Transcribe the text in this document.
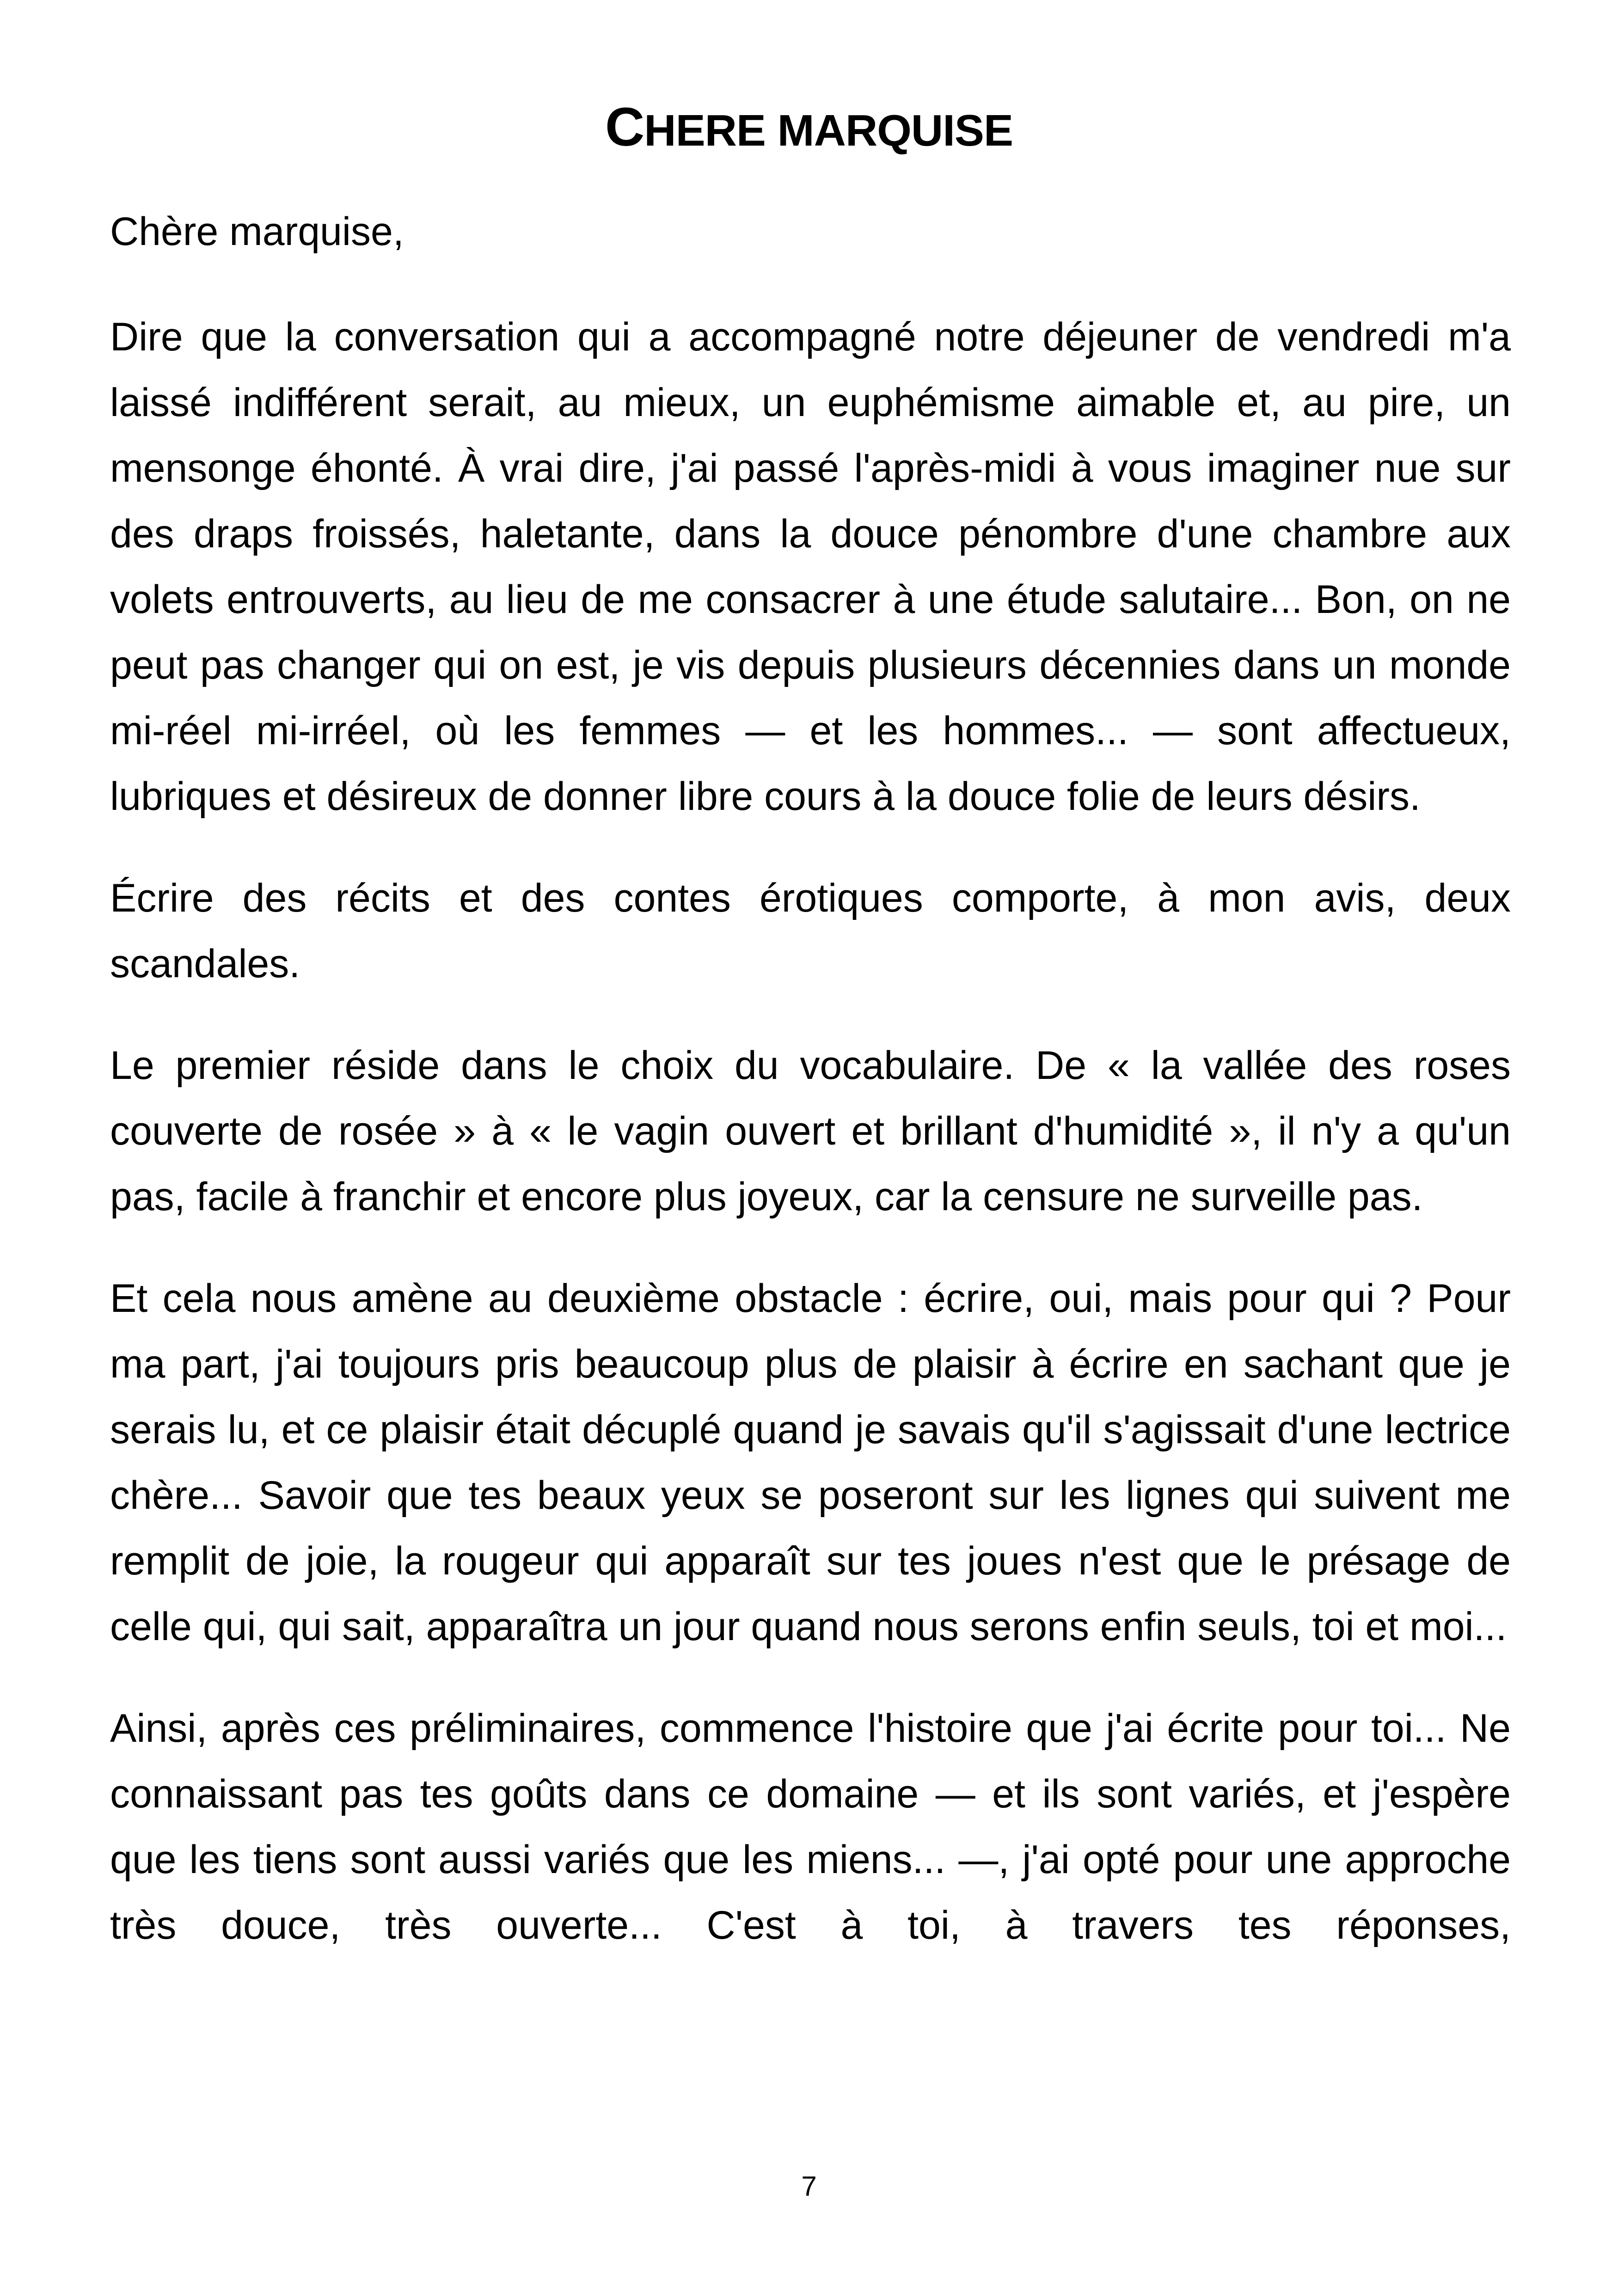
CHERE MARQUISE

Chère marquise,

Dire que la conversation qui a accompagné notre déjeuner de vendredi m'a laissé indifférent serait, au mieux, un euphémisme aimable et, au pire, un mensonge éhonté. À vrai dire, j'ai passé l'après-midi à vous imaginer nue sur des draps froissés, haletante, dans la douce pénombre d'une chambre aux volets entrouverts, au lieu de me consacrer à une étude salutaire... Bon, on ne peut pas changer qui on est, je vis depuis plusieurs décennies dans un monde mi-réel mi-irréel, où les femmes — et les hommes... — sont affectueux, lubriques et désireux de donner libre cours à la douce folie de leurs désirs.

Écrire des récits et des contes érotiques comporte, à mon avis, deux scandales.

Le premier réside dans le choix du vocabulaire. De « la vallée des roses couverte de rosée » à « le vagin ouvert et brillant d'humidité », il n'y a qu'un pas, facile à franchir et encore plus joyeux, car la censure ne surveille pas.

Et cela nous amène au deuxième obstacle : écrire, oui, mais pour qui ? Pour ma part, j'ai toujours pris beaucoup plus de plaisir à écrire en sachant que je serais lu, et ce plaisir était décuplé quand je savais qu'il s'agissait d'une lectrice chère... Savoir que tes beaux yeux se poseront sur les lignes qui suivent me remplit de joie, la rougeur qui apparaît sur tes joues n'est que le présage de celle qui, qui sait, apparaîtra un jour quand nous serons enfin seuls, toi et moi...

Ainsi, après ces préliminaires, commence l'histoire que j'ai écrite pour toi... Ne connaissant pas tes goûts dans ce domaine — et ils sont variés, et j'espère que les tiens sont aussi variés que les miens... —, j'ai opté pour une approche très douce, très ouverte... C'est à toi, à travers tes réponses,

7
